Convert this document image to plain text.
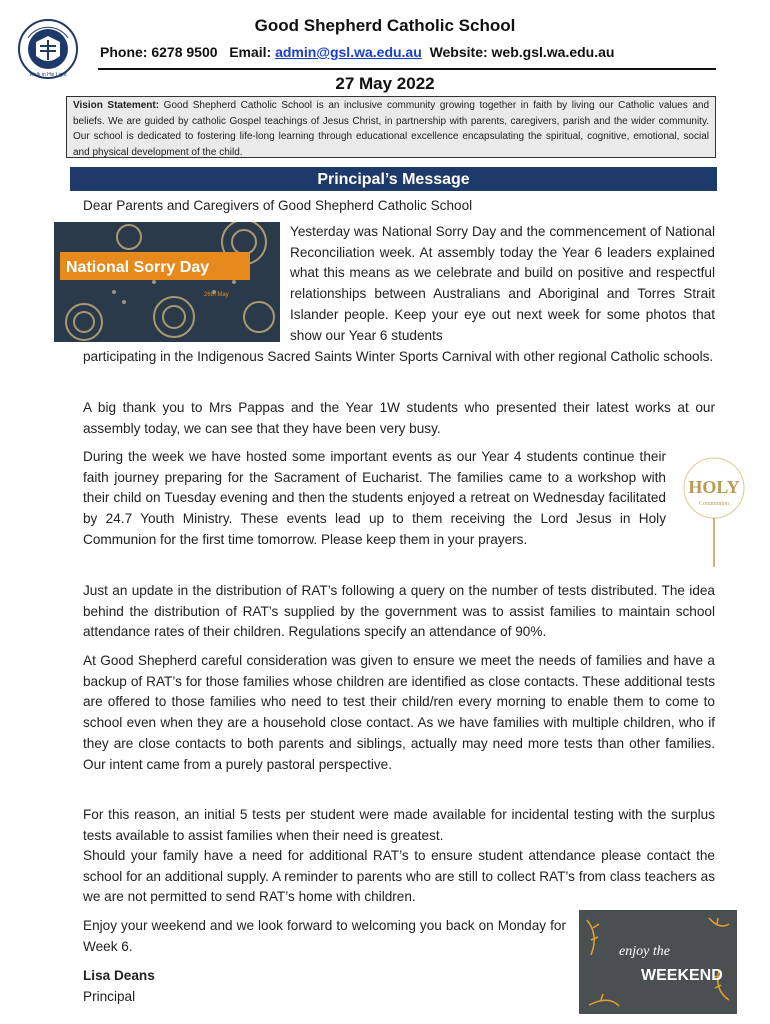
Walk in His Light
Good Shepherd Catholic School
Phone: 6278 9500 Email: admin@gsl.wa.edu.au Website: web.gsl.wa.edu.au
27 May 2022
Vision Statement: Good Shepherd Catholic School is an inclusive community growing together in faith by living our Catholic values and beliefs. We are guided by catholic Gospel teachings of Jesus Christ, in partnership with parents, caregivers, parish and the wider community. Our school is dedicated to fostering life-long learning through educational excellence encapsulating the spiritual, cognitive, emotional, social and physical development of the child.
Principal’s Message
Dear Parents and Caregivers of Good Shepherd Catholic School
National Sorry Day
26th May
Yesterday was National Sorry Day and the commencement of National Reconciliation week. At assembly today the Year 6 leaders explained what this means as we celebrate and build on positive and respectful relationships between Australians and Aboriginal and Torres Strait Islander people. Keep your eye out next week for some photos that show our Year 6 students
participating in the Indigenous Sacred Saints Winter Sports Carnival with other regional Catholic schools.
A big thank you to Mrs Pappas and the Year 1W students who presented their latest works at our assembly today, we can see that they have been very busy.
During the week we have hosted some important events as our Year 4 students continue their faith journey preparing for the Sacrament of Eucharist. The families came to a workshop with their child on Tuesday evening and then the students enjoyed a retreat on Wednesday facilitated by 24.7 Youth Ministry. These events lead up to them receiving the Lord Jesus in Holy Communion for the first time tomorrow. Please keep them in your prayers.
HOLY
Communion
Just an update in the distribution of RAT’s following a query on the number of tests distributed. The idea behind the distribution of RAT’s supplied by the government was to assist families to maintain school attendance rates of their children. Regulations specify an attendance of 90%.
At Good Shepherd careful consideration was given to ensure we meet the needs of families and have a backup of RAT’s for those families whose children are identified as close contacts. These additional tests are offered to those families who need to test their child/ren every morning to enable them to come to school even when they are a household close contact. As we have families with multiple children, who if they are close contacts to both parents and siblings, actually may need more tests than other families. Our intent came from a purely pastoral perspective.
For this reason, an initial 5 tests per student were made available for incidental testing with the surplus tests available to assist families when their need is greatest.
Should your family have a need for additional RAT’s to ensure student attendance please contact the school for an additional supply. A reminder to parents who are still to collect RAT’s from class teachers as we are not permitted to send RAT’s home with children.
Enjoy your weekend and we look forward to welcoming you back on Monday for Week 6.
Lisa Deans
Principal
enjoy the
WEEKEND
